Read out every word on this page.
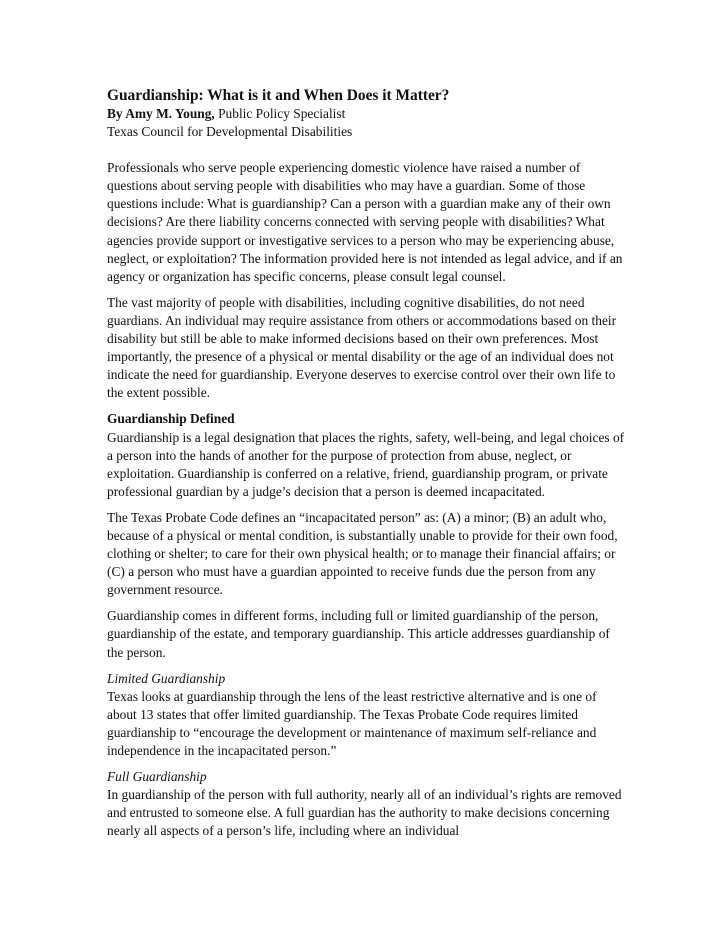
Guardianship: What is it and When Does it Matter?

By Amy M. Young, Public Policy Specialist

Texas Council for Developmental Disabilities

Professionals who serve people experiencing domestic violence have raised a number of questions about serving people with disabilities who may have a guardian. Some of those questions include: What is guardianship? Can a person with a guardian make any of their own decisions? Are there liability concerns connected with serving people with disabilities? What agencies provide support or investigative services to a person who may be experiencing abuse, neglect, or exploitation? The information provided here is not intended as legal advice, and if an agency or organization has specific concerns, please consult legal counsel.

The vast majority of people with disabilities, including cognitive disabilities, do not need guardians. An individual may require assistance from others or accommodations based on their disability but still be able to make informed decisions based on their own preferences. Most importantly, the presence of a physical or mental disability or the age of an individual does not indicate the need for guardianship. Everyone deserves to exercise control over their own life to the extent possible.

Guardianship Defined

Guardianship is a legal designation that places the rights, safety, well-being, and legal choices of a person into the hands of another for the purpose of protection from abuse, neglect, or exploitation. Guardianship is conferred on a relative, friend, guardianship program, or private professional guardian by a judge’s decision that a person is deemed incapacitated.

The Texas Probate Code defines an “incapacitated person” as: (A) a minor; (B) an adult who, because of a physical or mental condition, is substantially unable to provide for their own food, clothing or shelter; to care for their own physical health; or to manage their financial affairs; or (C) a person who must have a guardian appointed to receive funds due the person from any government resource.

Guardianship comes in different forms, including full or limited guardianship of the person, guardianship of the estate, and temporary guardianship. This article addresses guardianship of the person.

Limited Guardianship

Texas looks at guardianship through the lens of the least restrictive alternative and is one of about 13 states that offer limited guardianship. The Texas Probate Code requires limited guardianship to “encourage the development or maintenance of maximum self-reliance and independence in the incapacitated person.”

Full Guardianship

In guardianship of the person with full authority, nearly all of an individual’s rights are removed and entrusted to someone else. A full guardian has the authority to make decisions concerning nearly all aspects of a person’s life, including where an individual
